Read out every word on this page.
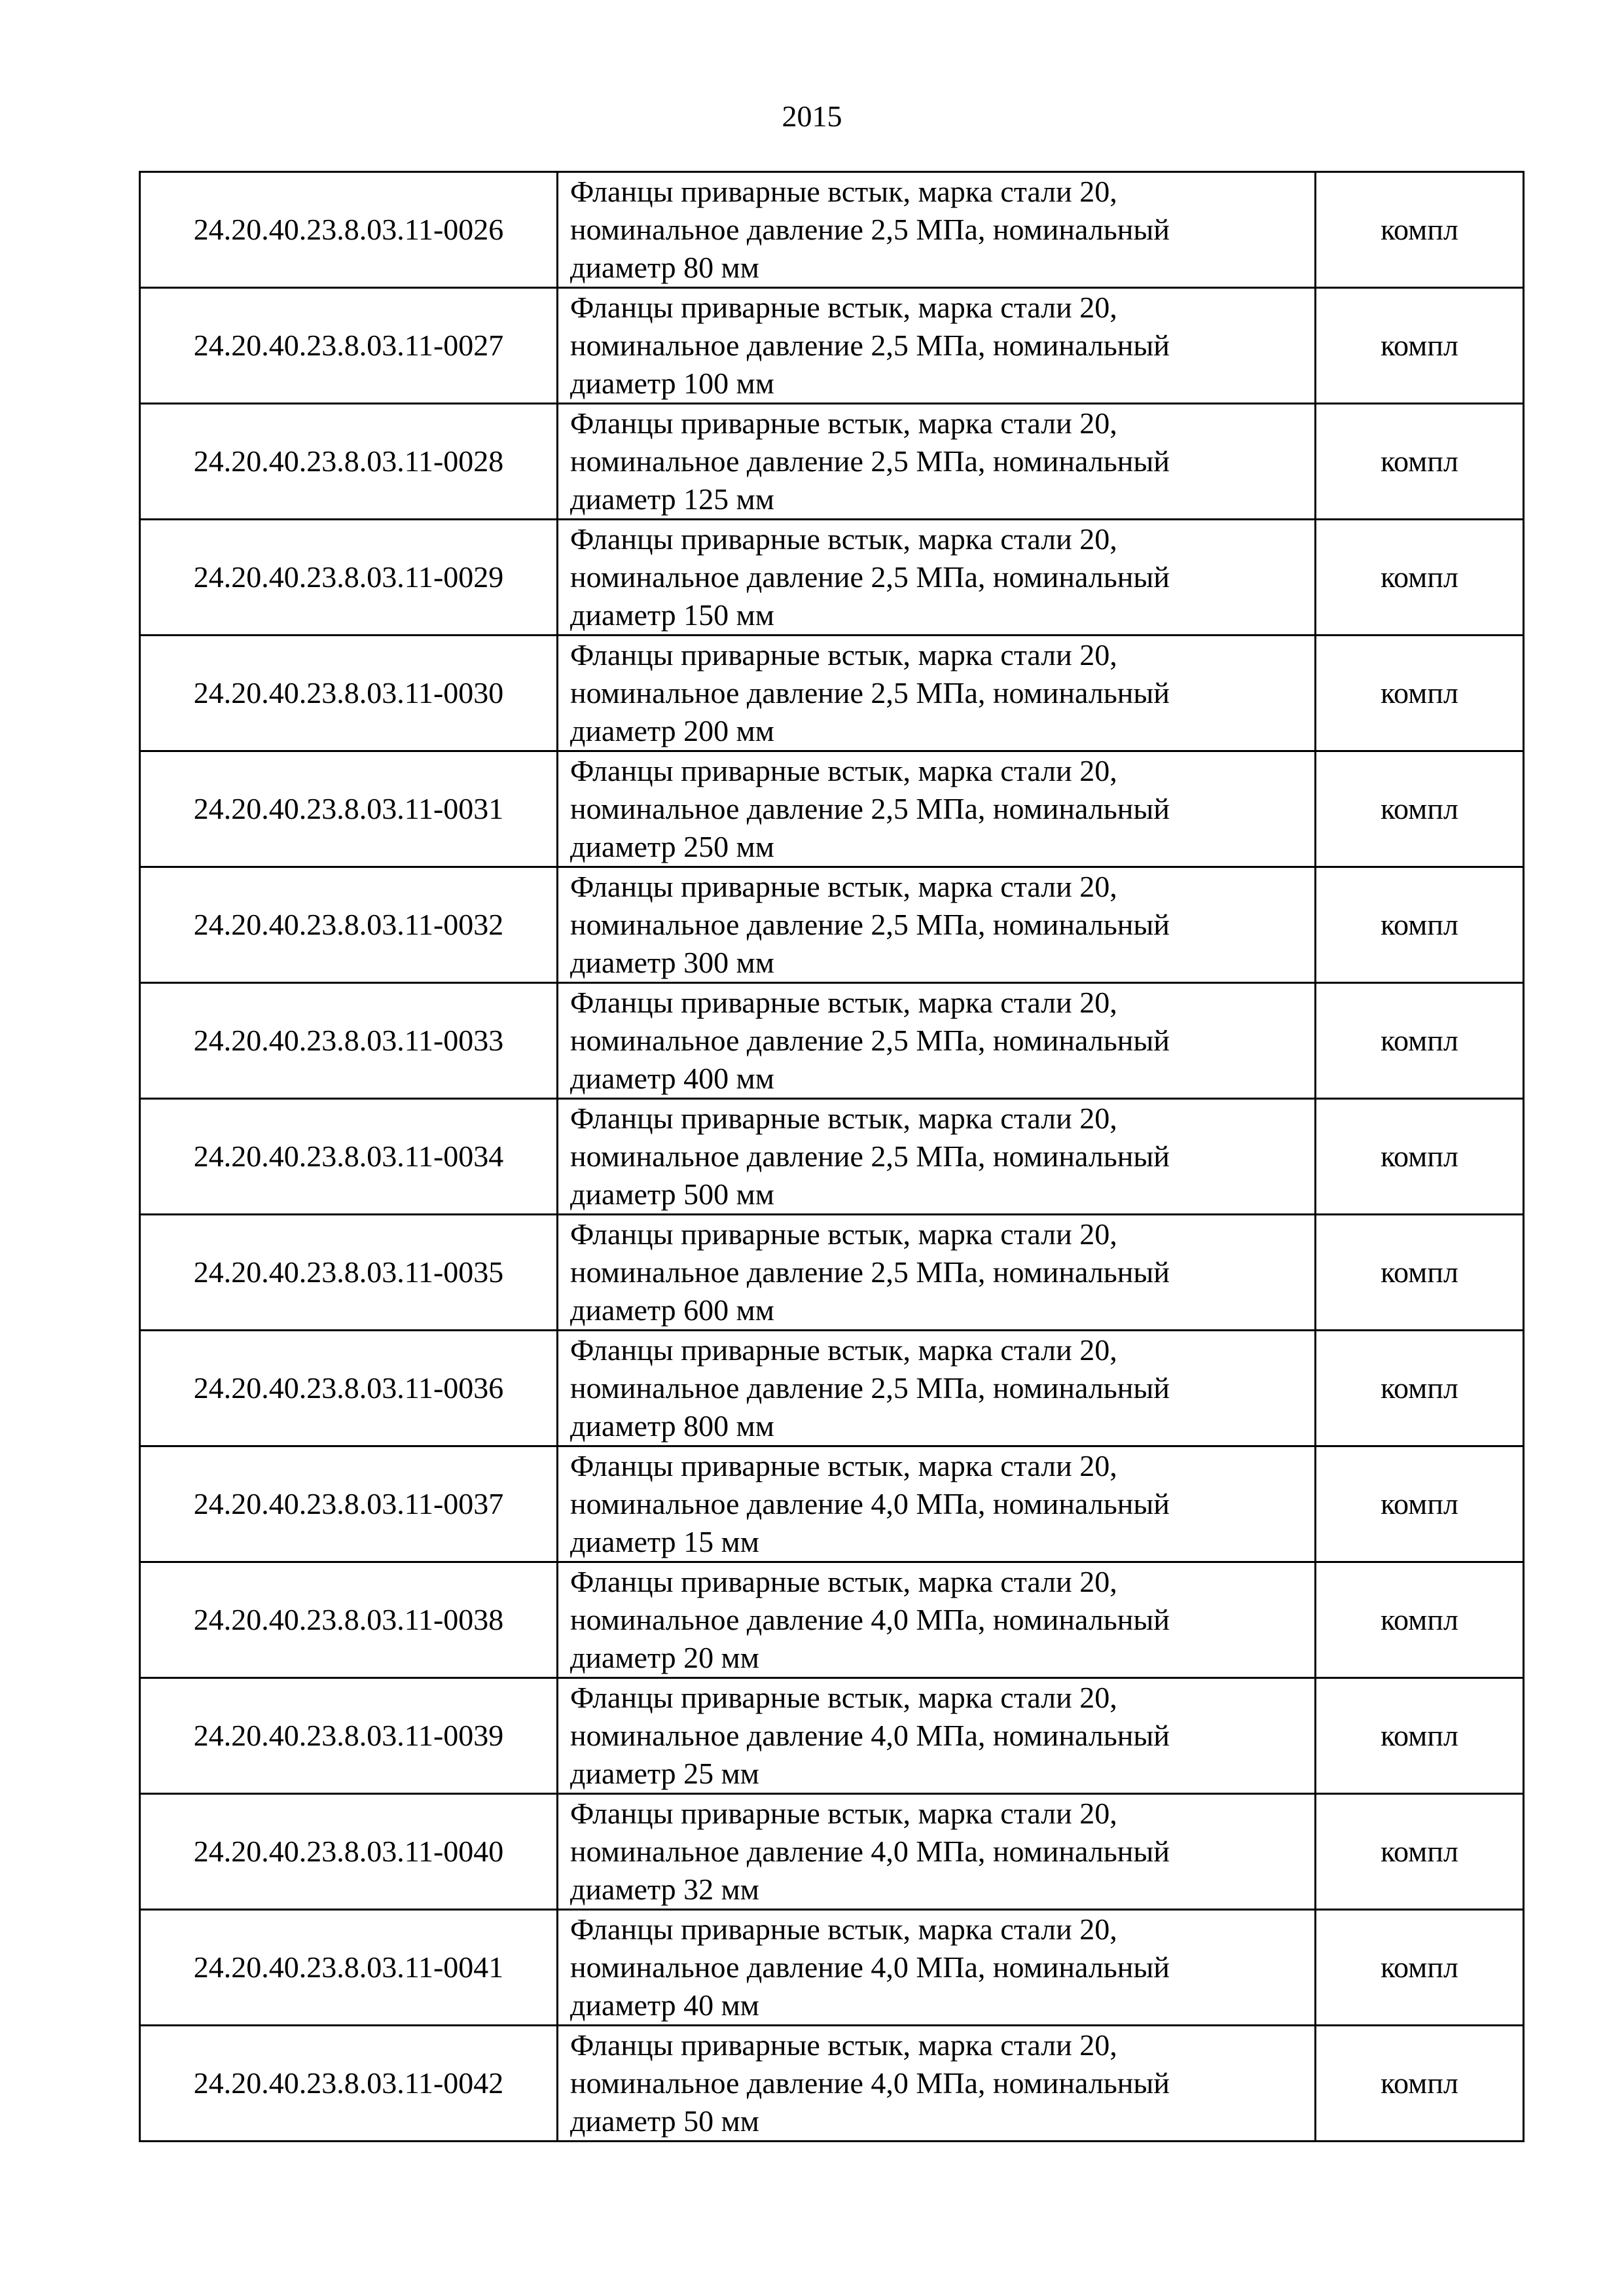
2015
24.20.40.23.8.03.11-0026	Фланцы приварные встык, марка стали 20,
номинальное давление 2,5 МПа, номинальный
диаметр 80 мм	компл
24.20.40.23.8.03.11-0027	Фланцы приварные встык, марка стали 20,
номинальное давление 2,5 МПа, номинальный
диаметр 100 мм	компл
24.20.40.23.8.03.11-0028	Фланцы приварные встык, марка стали 20,
номинальное давление 2,5 МПа, номинальный
диаметр 125 мм	компл
24.20.40.23.8.03.11-0029	Фланцы приварные встык, марка стали 20,
номинальное давление 2,5 МПа, номинальный
диаметр 150 мм	компл
24.20.40.23.8.03.11-0030	Фланцы приварные встык, марка стали 20,
номинальное давление 2,5 МПа, номинальный
диаметр 200 мм	компл
24.20.40.23.8.03.11-0031	Фланцы приварные встык, марка стали 20,
номинальное давление 2,5 МПа, номинальный
диаметр 250 мм	компл
24.20.40.23.8.03.11-0032	Фланцы приварные встык, марка стали 20,
номинальное давление 2,5 МПа, номинальный
диаметр 300 мм	компл
24.20.40.23.8.03.11-0033	Фланцы приварные встык, марка стали 20,
номинальное давление 2,5 МПа, номинальный
диаметр 400 мм	компл
24.20.40.23.8.03.11-0034	Фланцы приварные встык, марка стали 20,
номинальное давление 2,5 МПа, номинальный
диаметр 500 мм	компл
24.20.40.23.8.03.11-0035	Фланцы приварные встык, марка стали 20,
номинальное давление 2,5 МПа, номинальный
диаметр 600 мм	компл
24.20.40.23.8.03.11-0036	Фланцы приварные встык, марка стали 20,
номинальное давление 2,5 МПа, номинальный
диаметр 800 мм	компл
24.20.40.23.8.03.11-0037	Фланцы приварные встык, марка стали 20,
номинальное давление 4,0 МПа, номинальный
диаметр 15 мм	компл
24.20.40.23.8.03.11-0038	Фланцы приварные встык, марка стали 20,
номинальное давление 4,0 МПа, номинальный
диаметр 20 мм	компл
24.20.40.23.8.03.11-0039	Фланцы приварные встык, марка стали 20,
номинальное давление 4,0 МПа, номинальный
диаметр 25 мм	компл
24.20.40.23.8.03.11-0040	Фланцы приварные встык, марка стали 20,
номинальное давление 4,0 МПа, номинальный
диаметр 32 мм	компл
24.20.40.23.8.03.11-0041	Фланцы приварные встык, марка стали 20,
номинальное давление 4,0 МПа, номинальный
диаметр 40 мм	компл
24.20.40.23.8.03.11-0042	Фланцы приварные встык, марка стали 20,
номинальное давление 4,0 МПа, номинальный
диаметр 50 мм	компл
